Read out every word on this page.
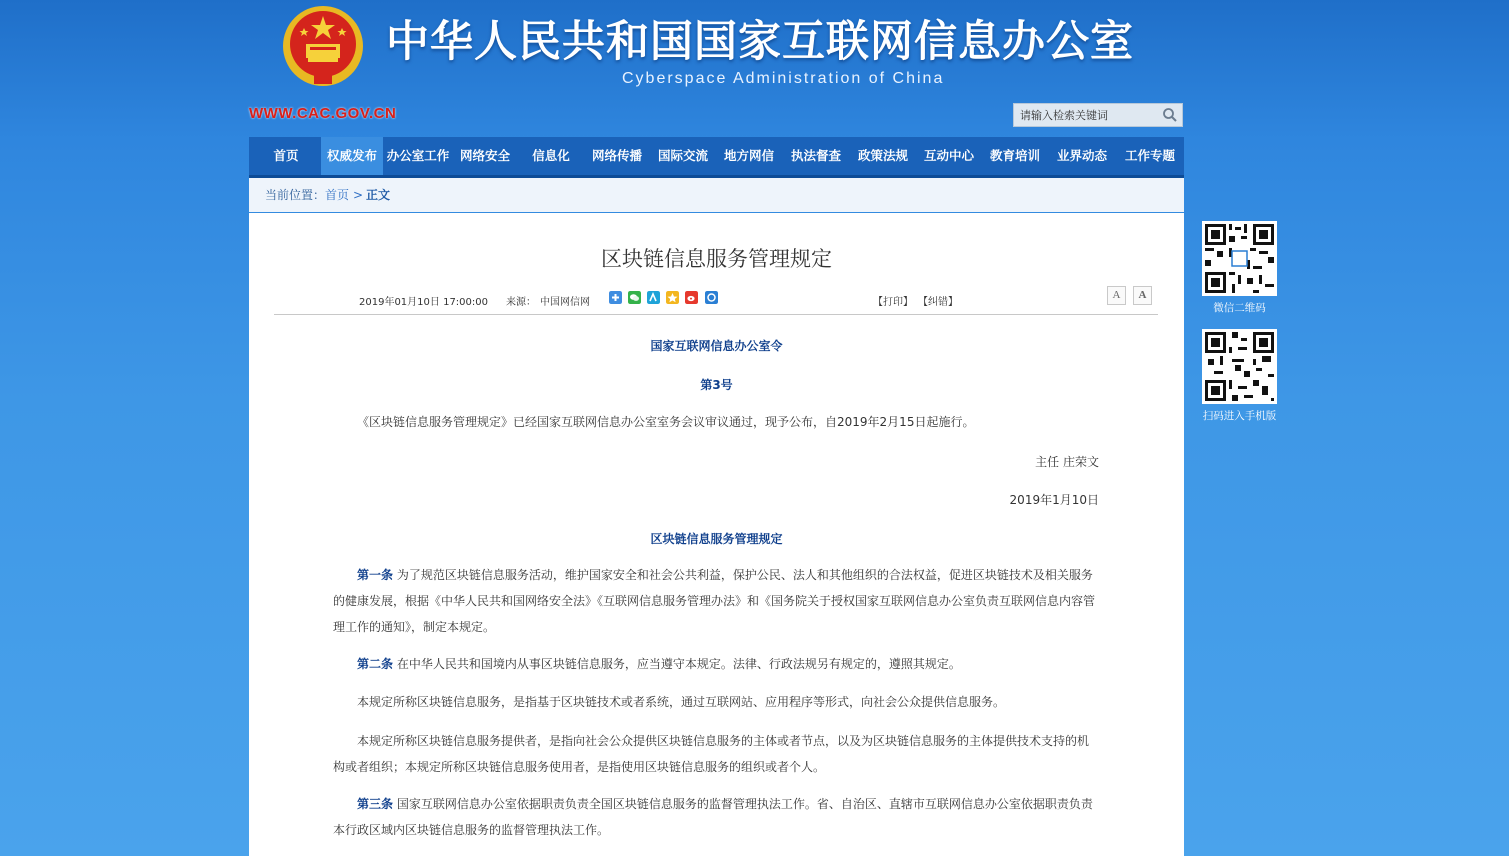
中华人民共和国国家互联网信息办公室
Cyberspace Administration of China
WWW.CAC.GOV.CN
请输入检索关键词
首页	权威发布 办公室工作 网络安全	信息化	网络传播	国际交流	地方网信	执法督查	政策法规	互动中心	教育培训	业界动态	工作专题
当前位置： 首页 > 正文
区块链信息服务管理规定
2019年01月10日 17:00:00 来源： 中国网信网	【打印】 【纠错】
A	A
国家互联网信息办公室令
第3号
《区块链信息服务管理规定》已经国家互联网信息办公室室务会议审议通过，现予公布，自2019年2月15日起施行。
主任 庄荣文
2019年1月10日
区块链信息服务管理规定
第一条 为了规范区块链信息服务活动，维护国家安全和社会公共利益，保护公民、法人和其他组织的合法权益，促进区块链技术及相关服务的健康发展，根据《中华人民共和国网络安全法》《互联网信息服务管理办法》和《国务院关于授权国家互联网信息办公室负责互联网信息内容管理工作的通知》，制定本规定。
第二条 在中华人民共和国境内从事区块链信息服务，应当遵守本规定。法律、行政法规另有规定的，遵照其规定。
本规定所称区块链信息服务，是指基于区块链技术或者系统，通过互联网站、应用程序等形式，向社会公众提供信息服务。
本规定所称区块链信息服务提供者，是指向社会公众提供区块链信息服务的主体或者节点，以及为区块链信息服务的主体提供技术支持的机构或者组织；本规定所称区块链信息服务使用者，是指使用区块链信息服务的组织或者个人。
第三条 国家互联网信息办公室依据职责负责全国区块链信息服务的监督管理执法工作。省、自治区、直辖市互联网信息办公室依据职责负责本行政区域内区块链信息服务的监督管理执法工作。
微信二维码
扫码进入手机版
